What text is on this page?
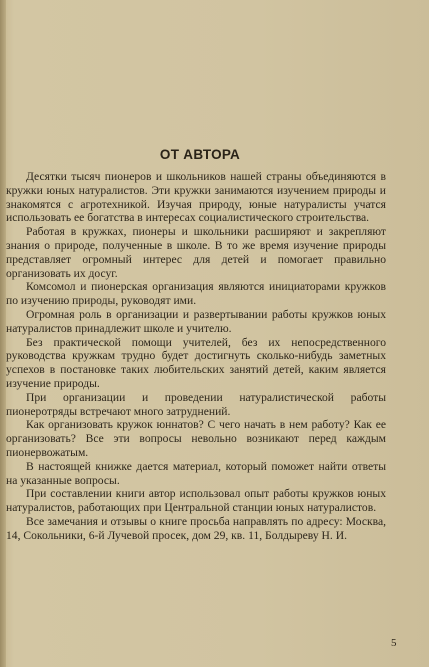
ОТ АВТОРА

Десятки тысяч пионеров и школьников нашей страны объединяются в кружки юных натуралистов. Эти кружки занимаются изучением природы и знакомятся с агротехникой. Изучая природу, юные натуралисты учатся использовать ее богатства в интересах социалистического строительства.

Работая в кружках, пионеры и школьники расширяют и закрепляют знания о природе, полученные в школе. В то же время изучение природы представляет огромный интерес для детей и помогает правильно организовать их досуг.

Комсомол и пионерская организация являются инициаторами кружков по изучению природы, руководят ими.

Огромная роль в организации и развертывании работы кружков юных натуралистов принадлежит школе и учителю.

Без практической помощи учителей, без их непосредственного руководства кружкам трудно будет достигнуть сколько-нибудь заметных успехов в постановке таких любительских занятий детей, каким является изучение природы.

При организации и проведении натуралистической работы пионеротряды встречают много затруднений.

Как организовать кружок юннатов? С чего начать в нем работу? Как ее организовать? Все эти вопросы невольно возникают перед каждым пионервожатым.

В настоящей книжке дается материал, который поможет найти ответы на указанные вопросы.

При составлении книги автор использовал опыт работы кружков юных натуралистов, работающих при Центральной станции юных натуралистов.

Все замечания и отзывы о книге просьба направлять по адресу: Москва, 14, Сокольники, 6-й Лучевой просек, дом 29, кв. 11, Болдыреву Н. И.

5
